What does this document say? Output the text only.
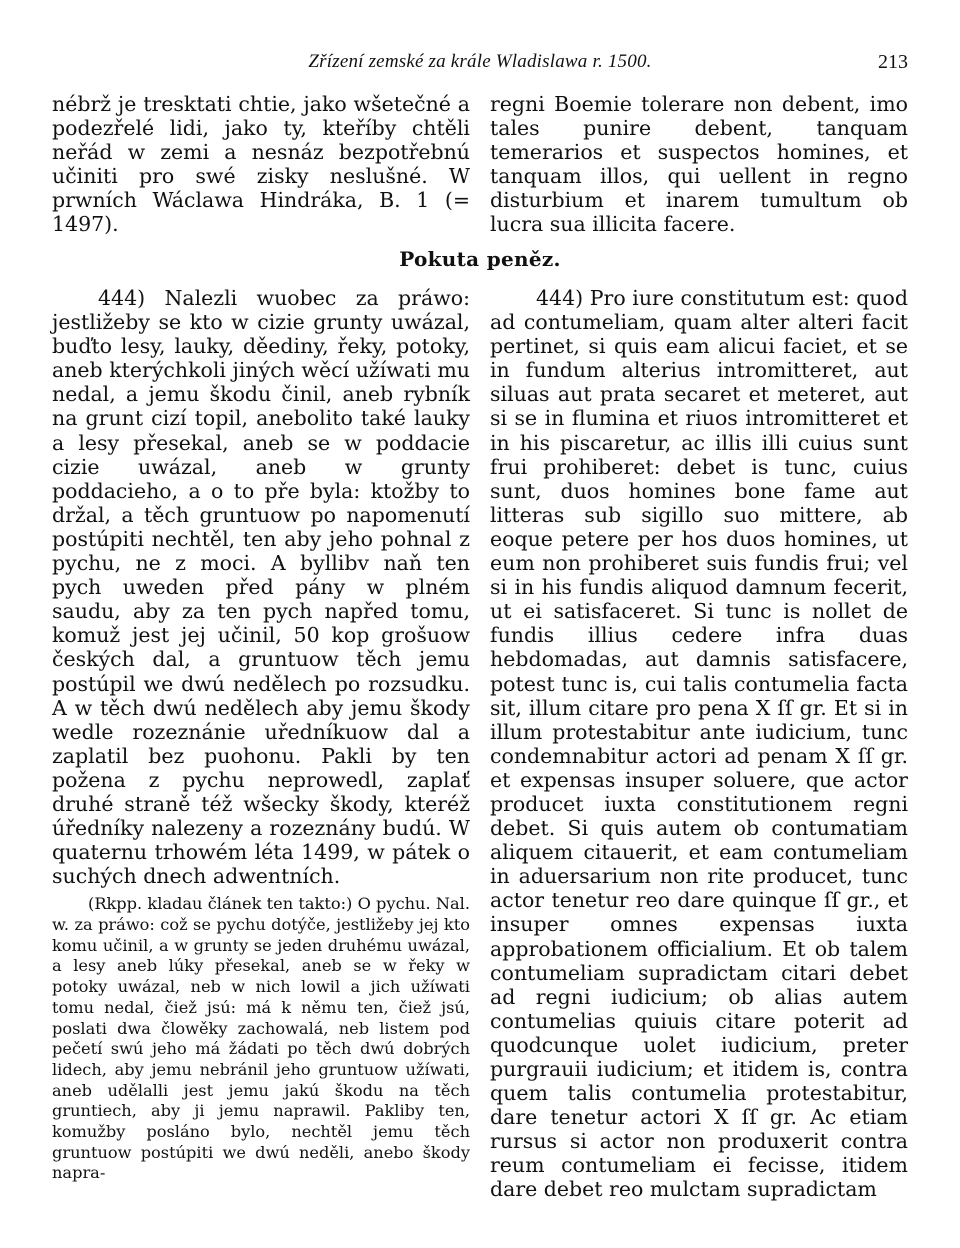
Zřízení zemské za krále Wladislawa r. 1500.	213

nébrž je tresktati chtie, jako wšetečné a podezřelé lidi, jako ty, kteříby chtěli neřád w zemi a nesnáz bezpotřebnú učiniti pro swé zisky neslušné. W prwních Wáclawa Hindráka, B. 1 (= 1497).

regni Boemie tolerare non debent, imo tales punire debent, tanquam temerarios et suspectos homines, et tanquam illos, qui uellent in regno disturbium et inarem tumultum ob lucra sua illicita facere.

Pokuta peněz.

444) Nalezli wuobec za práwo: jestližeby se kto w cizie grunty uwázal, buďto lesy, lauky, děediny, řeky, potoky, aneb kterýchkoli jiných wěcí užíwati mu nedal, a jemu škodu činil, aneb rybník na grunt cizí topil, anebolito také lauky a lesy přesekal, aneb se w poddacie cizie uwázal, aneb w grunty poddacieho, a o to pře byla: ktožby to držal, a těch gruntuow po napomenutí postúpiti nechtěl, ten aby jeho pohnal z pychu, ne z moci. A byllibv naň ten pych uweden před pány w plném saudu, aby za ten pych napřed tomu, komuž jest jej učinil, 50 kop grošuow českých dal, a gruntuow těch jemu postúpil we dwú nedělech po rozsudku. A w těch dwú nedělech aby jemu škody wedle rozeznánie uředníkuow dal a zaplatil bez puohonu. Pakli by ten požena z pychu neprowedl, zaplať druhé straně též wšecky škody, kteréž úředníky nalezeny a rozeznány budú. W quaternu trhowém léta 1499, w pátek o suchých dnech adwentních.

(Rkpp. kladau článek ten takto:) O pychu. Nal. w. za práwo: což se pychu dotýče, jestližeby jej kto komu učinil, a w grunty se jeden druhému uwázal, a lesy aneb lúky přesekal, aneb se w řeky w potoky uwázal, neb w nich lowil a jich užíwati tomu nedal, čiež jsú: má k němu ten, čiež jsú, poslati dwa člowěky zachowalá, neb listem pod pečetí swú jeho má žádati po těch dwú dobrých lidech, aby jemu nebránil jeho gruntuow užíwati, aneb udělalli jest jemu jakú škodu na těch gruntiech, aby ji jemu naprawil. Pakliby ten, komužby posláno bylo, nechtěl jemu těch gruntuow postúpiti we dwú neděli, anebo škody napra-

444) Pro iure constitutum est: quod ad contumeliam, quam alter alteri facit pertinet, si quis eam alicui faciet, et se in fundum alterius intromitteret, aut siluas aut prata secaret et meteret, aut si se in flumina et riuos intromitteret et in his piscaretur, ac illis illi cuius sunt frui prohiberet: debet is tunc, cuius sunt, duos homines bone fame aut litteras sub sigillo suo mittere, ab eoque petere per hos duos homines, ut eum non prohiberet suis fundis frui; vel si in his fundis aliquod damnum fecerit, ut ei satisfaceret. Si tunc is nollet de fundis illius cedere infra duas hebdomadas, aut damnis satisfacere, potest tunc is, cui talis contumelia facta sit, illum citare pro pena X ſſ gr. Et si in illum protestabitur ante iudicium, tunc condemnabitur actori ad penam X ſſ gr. et expensas insuper soluere, que actor producet iuxta constitutionem regni debet. Si quis autem ob contumatiam aliquem citauerit, et eam contumeliam in aduersarium non rite producet, tunc actor tenetur reo dare quinque ſſ gr., et insuper omnes expensas iuxta approbationem officialium. Et ob talem contumeliam supradictam citari debet ad regni iudicium; ob alias autem contumelias quiuis citare poterit ad quodcunque uolet iudicium, preter purgrauii iudicium; et itidem is, contra quem talis contumelia protestabitur, dare tenetur actori X ſſ gr. Ac etiam rursus si actor non produxerit contra reum contumeliam ei fecisse, itidem dare debet reo mulctam supradictam
